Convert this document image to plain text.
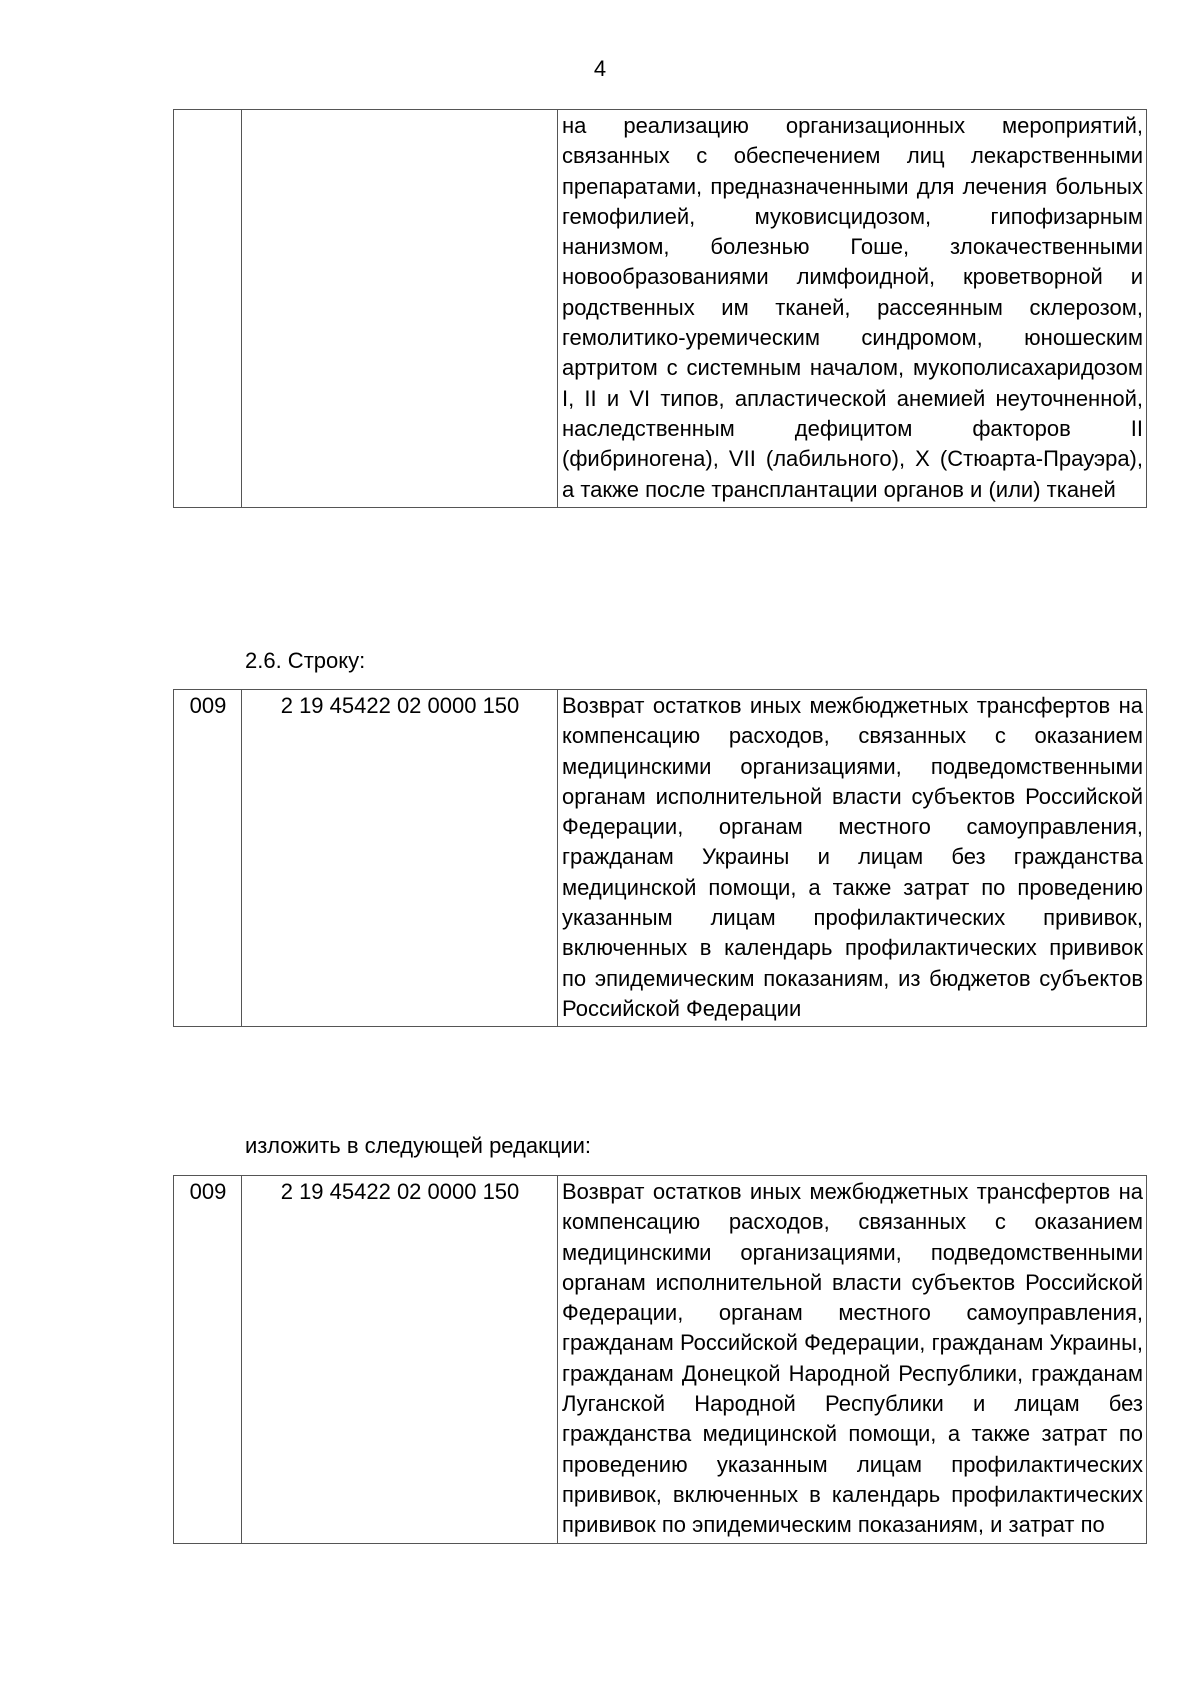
4
		на реализацию организационных мероприятий, связанных с обеспечением лиц лекарственными препаратами, предназначенными для лечения больных гемофилией, муковисцидозом, гипофизарным нанизмом, болезнью Гоше, злокачественными новообразованиями лимфоидной, кроветворной и родственных им тканей, рассеянным склерозом, гемолитико-уремическим синдромом, юношеским артритом с системным началом, мукополисахаридозом I, II и VI типов, апластической анемией неуточненной, наследственным дефицитом факторов II (фибриногена), VII (лабильного), X (Стюарта-Прауэра), а также после трансплантации органов и (или) тканей
2.6. Строку:
009	2 19 45422 02 0000 150	Возврат остатков иных межбюджетных трансфертов на компенсацию расходов, связанных с оказанием медицинскими организациями, подведомственными органам исполнительной власти субъектов Российской Федерации, органам местного самоуправления, гражданам Украины и лицам без гражданства медицинской помощи, а также затрат по проведению указанным лицам профилактических прививок, включенных в календарь профилактических прививок по эпидемическим показаниям, из бюджетов субъектов Российской Федерации
изложить в следующей редакции:
009	2 19 45422 02 0000 150	Возврат остатков иных межбюджетных трансфертов на компенсацию расходов, связанных с оказанием медицинскими организациями, подведомственными органам исполнительной власти субъектов Российской Федерации, органам местного самоуправления, гражданам Российской Федерации, гражданам Украины, гражданам Донецкой Народной Республики, гражданам Луганской Народной Республики и лицам без гражданства медицинской помощи, а также затрат по проведению указанным лицам профилактических прививок, включенных в календарь профилактических прививок по эпидемическим показаниям, и затрат по
